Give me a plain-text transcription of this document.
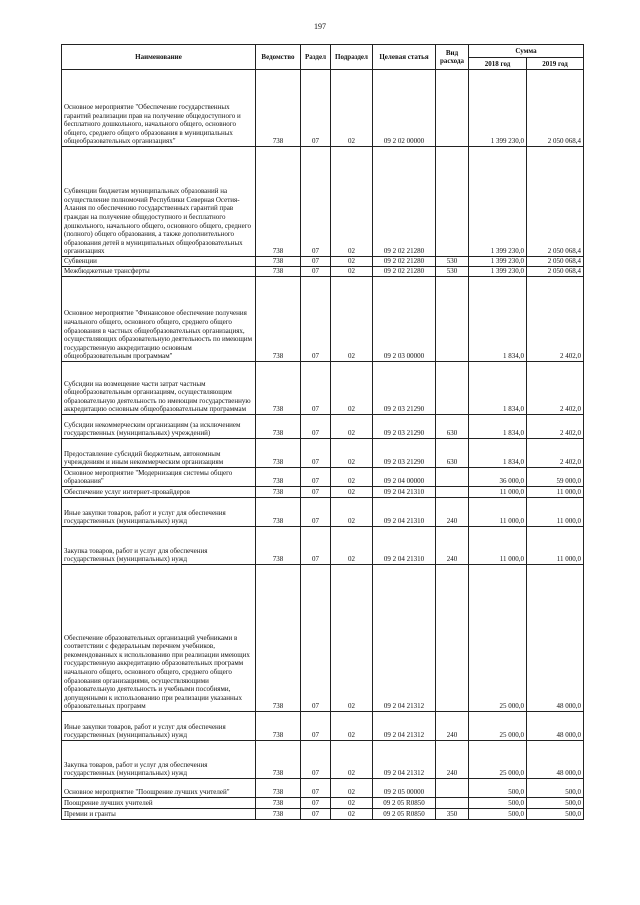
197
Наименование	Ведомство	Раздел	Подраздел	Целевая статья	Вид расхода	Сумма	
						2018 год	2019 год
Основное мероприятие "Обеспечение государственных гарантий реализации прав на получение общедоступного и бесплатного дошкольного, начального общего, основного общего, среднего общего образования в муниципальных общеобразовательных организациях"	738	07	02	09 2 02 00000		1 399 230,0	2 050 068,4
Субвенции бюджетам муниципальных образований на осуществление полномочий Республики Северная Осетия-Алания по обеспечению государственных гарантий прав граждан на получение общедоступного и бесплатного дошкольного, начального общего, основного общего, среднего (полного) общего образования, а также дополнительного образования детей в муниципальных общеобразовательных организациях	738	07	02	09 2 02 21280		1 399 230,0	2 050 068,4
Субвенции	738	07	02	09 2 02 21280	530	1 399 230,0	2 050 068,4
Межбюджетные трансферты	738	07	02	09 2 02 21280	530	1 399 230,0	2 050 068,4
Основное мероприятие "Финансовое обеспечение получения начального общего, основного общего, среднего общего образования в частных общеобразовательных организациях, осуществляющих образовательную деятельность по имеющим государственную аккредитацию основным общеобразовательным программам"	738	07	02	09 2 03 00000		1 834,0	2 402,0
Субсидии на возмещение части затрат частным общеобразовательным организациям, осуществляющим образовательную деятельность по имеющим государственную аккредитацию основным общеобразовательным программам	738	07	02	09 2 03 21290		1 834,0	2 402,0
Субсидии некоммерческим организациям (за исключением государственных (муниципальных) учреждений)	738	07	02	09 2 03 21290	630	1 834,0	2 402,0
Предоставление субсидий бюджетным, автономным учреждениям и иным некоммерческим организациям	738	07	02	09 2 03 21290	630	1 834,0	2 402,0
Основное мероприятие "Модернизация системы общего образования"	738	07	02	09 2 04 00000		36 000,0	59 000,0
Обеспечение услуг интернет-провайдеров	738	07	02	09 2 04 21310		11 000,0	11 000,0
Иные закупки товаров, работ и услуг для обеспечения государственных (муниципальных) нужд	738	07	02	09 2 04 21310	240	11 000,0	11 000,0
Закупка товаров, работ и услуг для обеспечения государственных (муниципальных) нужд	738	07	02	09 2 04 21310	240	11 000,0	11 000,0
Обеспечение образовательных организаций учебниками в соответствии с федеральным перечнем учебников, рекомендованных к использованию при реализации имеющих государственную аккредитацию образовательных программ начального общего, основного общего, среднего общего образования организациями, осуществляющими образовательную деятельность и учебными пособиями, допущенными к использованию при реализации указанных образовательных программ	738	07	02	09 2 04 21312		25 000,0	48 000,0
Иные закупки товаров, работ и услуг для обеспечения государственных (муниципальных) нужд	738	07	02	09 2 04 21312	240	25 000,0	48 000,0
Закупка товаров, работ и услуг для обеспечения государственных (муниципальных) нужд	738	07	02	09 2 04 21312	240	25 000,0	48 000,0
Основное мероприятие "Поощрение лучших учителей"	738	07	02	09 2 05 00000		500,0	500,0
Поощрение лучших учителей	738	07	02	09 2 05 R0850		500,0	500,0
Премии и гранты	738	07	02	09 2 05 R0850	350	500,0	500,0
